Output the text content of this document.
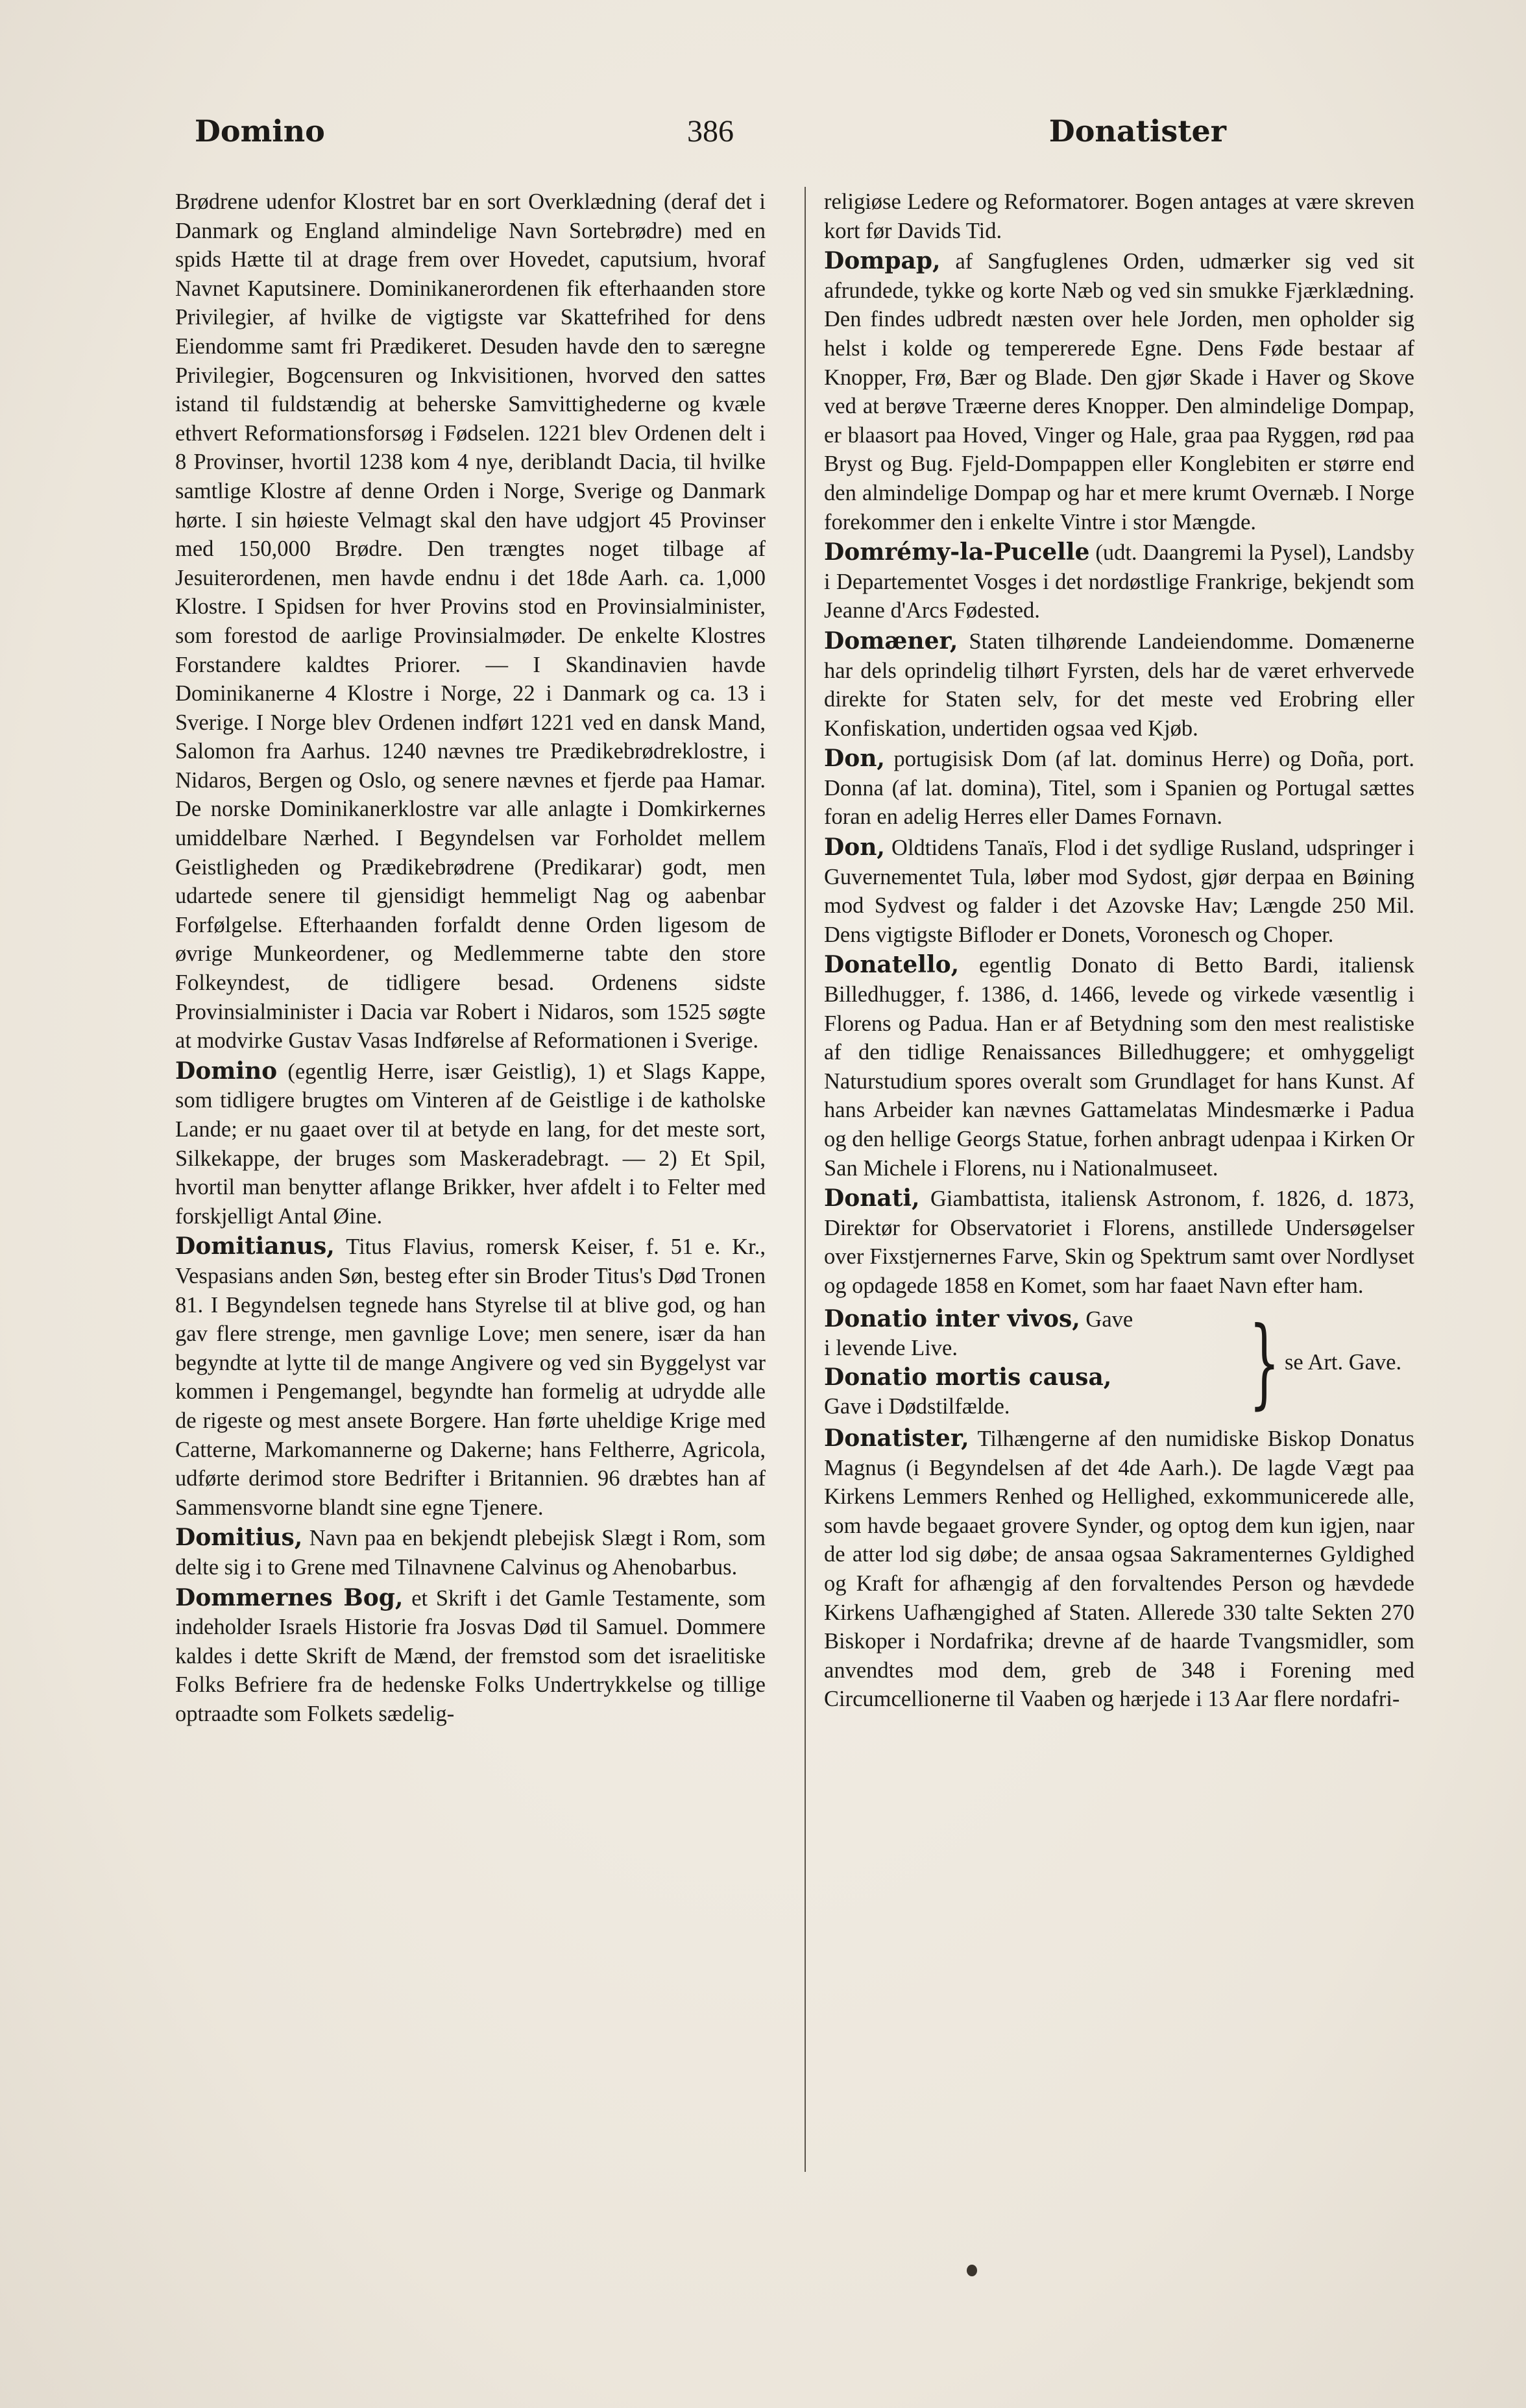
Domino	386	Donatister

Brødrene udenfor Klostret bar en sort Overklædning (deraf det i Danmark og England almindelige Navn Sortebrødre) med en spids Hætte til at drage frem over Hovedet, caputsium, hvoraf Navnet Kaputsinere. Dominikanerordenen fik efterhaanden store Privilegier, af hvilke de vigtigste var Skattefrihed for dens Eiendomme samt fri Prædikeret. Desuden havde den to særegne Privilegier, Bogcensuren og Inkvisitionen, hvorved den sattes istand til fuldstændig at beherske Samvittighederne og kvæle ethvert Reformationsforsøg i Fødselen. 1221 blev Ordenen delt i 8 Provinser, hvortil 1238 kom 4 nye, deriblandt Dacia, til hvilke samtlige Klostre af denne Orden i Norge, Sverige og Danmark hørte. I sin høieste Velmagt skal den have udgjort 45 Provinser med 150,000 Brødre. Den trængtes noget tilbage af Jesuiterordenen, men havde endnu i det 18de Aarh. ca. 1,000 Klostre. I Spidsen for hver Provins stod en Provinsialminister, som forestod de aarlige Provinsialmøder. De enkelte Klostres Forstandere kaldtes Priorer. — I Skandinavien havde Dominikanerne 4 Klostre i Norge, 22 i Danmark og ca. 13 i Sverige. I Norge blev Ordenen indført 1221 ved en dansk Mand, Salomon fra Aarhus. 1240 nævnes tre Prædikebrødreklostre, i Nidaros, Bergen og Oslo, og senere nævnes et fjerde paa Hamar. De norske Dominikanerklostre var alle anlagte i Domkirkernes umiddelbare Nærhed. I Begyndelsen var Forholdet mellem Geistligheden og Prædikebrødrene (Predikarar) godt, men udartede senere til gjensidigt hemmeligt Nag og aabenbar Forfølgelse. Efterhaanden forfaldt denne Orden ligesom de øvrige Munkeordener, og Medlemmerne tabte den store Folkeyndest, de tidligere besad. Ordenens sidste Provinsialminister i Dacia var Robert i Nidaros, som 1525 søgte at modvirke Gustav Vasas Indførelse af Reformationen i Sverige.

Domino (egentlig Herre, især Geistlig), 1) et Slags Kappe, som tidligere brugtes om Vinteren af de Geistlige i de katholske Lande; er nu gaaet over til at betyde en lang, for det meste sort, Silkekappe, der bruges som Maskeradebragt. — 2) Et Spil, hvortil man benytter aflange Brikker, hver afdelt i to Felter med forskjelligt Antal Øine.

Domitianus, Titus Flavius, romersk Keiser, f. 51 e. Kr., Vespasians anden Søn, besteg efter sin Broder Titus's Død Tronen 81. I Begyndelsen tegnede hans Styrelse til at blive god, og han gav flere strenge, men gavnlige Love; men senere, især da han begyndte at lytte til de mange Angivere og ved sin Byggelyst var kommen i Pengemangel, begyndte han formelig at udrydde alle de rigeste og mest ansete Borgere. Han førte uheldige Krige med Catterne, Markomannerne og Dakerne; hans Feltherre, Agricola, udførte derimod store Bedrifter i Britannien. 96 dræbtes han af Sammensvorne blandt sine egne Tjenere.

Domitius, Navn paa en bekjendt plebejisk Slægt i Rom, som delte sig i to Grene med Tilnavnene Calvinus og Ahenobarbus.

Dommernes Bog, et Skrift i det Gamle Testamente, som indeholder Israels Historie fra Josvas Død til Samuel. Dommere kaldes i dette Skrift de Mænd, der fremstod som det israelitiske Folks Befriere fra de hedenske Folks Undertrykkelse og tillige optraadte som Folkets sædelig-

religiøse Ledere og Reformatorer. Bogen antages at være skreven kort før Davids Tid.

Dompap, af Sangfuglenes Orden, udmærker sig ved sit afrundede, tykke og korte Næb og ved sin smukke Fjærklædning. Den findes udbredt næsten over hele Jorden, men opholder sig helst i kolde og tempererede Egne. Dens Føde bestaar af Knopper, Frø, Bær og Blade. Den gjør Skade i Haver og Skove ved at berøve Træerne deres Knopper. Den almindelige Dompap, er blaasort paa Hoved, Vinger og Hale, graa paa Ryggen, rød paa Bryst og Bug. Fjeld-Dompappen eller Konglebiten er større end den almindelige Dompap og har et mere krumt Overnæb. I Norge forekommer den i enkelte Vintre i stor Mængde.

Domrémy-la-Pucelle (udt. Daangremi la Pysel), Landsby i Departementet Vosges i det nordøstlige Frankrige, bekjendt som Jeanne d'Arcs Fødested.

Domæner, Staten tilhørende Landeiendomme. Domænerne har dels oprindelig tilhørt Fyrsten, dels har de været erhvervede direkte for Staten selv, for det meste ved Erobring eller Konfiskation, undertiden ogsaa ved Kjøb.

Don, portugisisk Dom (af lat. dominus Herre) og Doña, port. Donna (af lat. domina), Titel, som i Spanien og Portugal sættes foran en adelig Herres eller Dames Fornavn.

Don, Oldtidens Tanaïs, Flod i det sydlige Rusland, udspringer i Guvernementet Tula, løber mod Sydost, gjør derpaa en Bøining mod Sydvest og falder i det Azovske Hav; Længde 250 Mil. Dens vigtigste Bifloder er Donets, Voronesch og Choper.

Donatello, egentlig Donato di Betto Bardi, italiensk Billedhugger, f. 1386, d. 1466, levede og virkede væsentlig i Florens og Padua. Han er af Betydning som den mest realistiske af den tidlige Renaissances Billedhuggere; et omhyggeligt Naturstudium spores overalt som Grundlaget for hans Kunst. Af hans Arbeider kan nævnes Gattamelatas Mindesmærke i Padua og den hellige Georgs Statue, forhen anbragt udenpaa i Kirken Or San Michele i Florens, nu i Nationalmuseet.

Donati, Giambattista, italiensk Astronom, f. 1826, d. 1873, Direktør for Observatoriet i Florens, anstillede Undersøgelser over Fixstjernernes Farve, Skin og Spektrum samt over Nordlyset og opdagede 1858 en Komet, som har faaet Navn efter ham.

Donatio inter vivos, Gave
i levende Live.
Donatio mortis causa,
Gave i Dødstilfælde.	} se Art. Gave.

Donatister, Tilhængerne af den numidiske Biskop Donatus Magnus (i Begyndelsen af det 4de Aarh.). De lagde Vægt paa Kirkens Lemmers Renhed og Hellighed, exkommunicerede alle, som havde begaaet grovere Synder, og optog dem kun igjen, naar de atter lod sig døbe; de ansaa ogsaa Sakramenternes Gyldighed og Kraft for afhængig af den forvaltendes Person og hævdede Kirkens Uafhængighed af Staten. Allerede 330 talte Sekten 270 Biskoper i Nordafrika; drevne af de haarde Tvangsmidler, som anvendtes mod dem, greb de 348 i Forening med Circumcellionerne til Vaaben og hærjede i 13 Aar flere nordafri-
